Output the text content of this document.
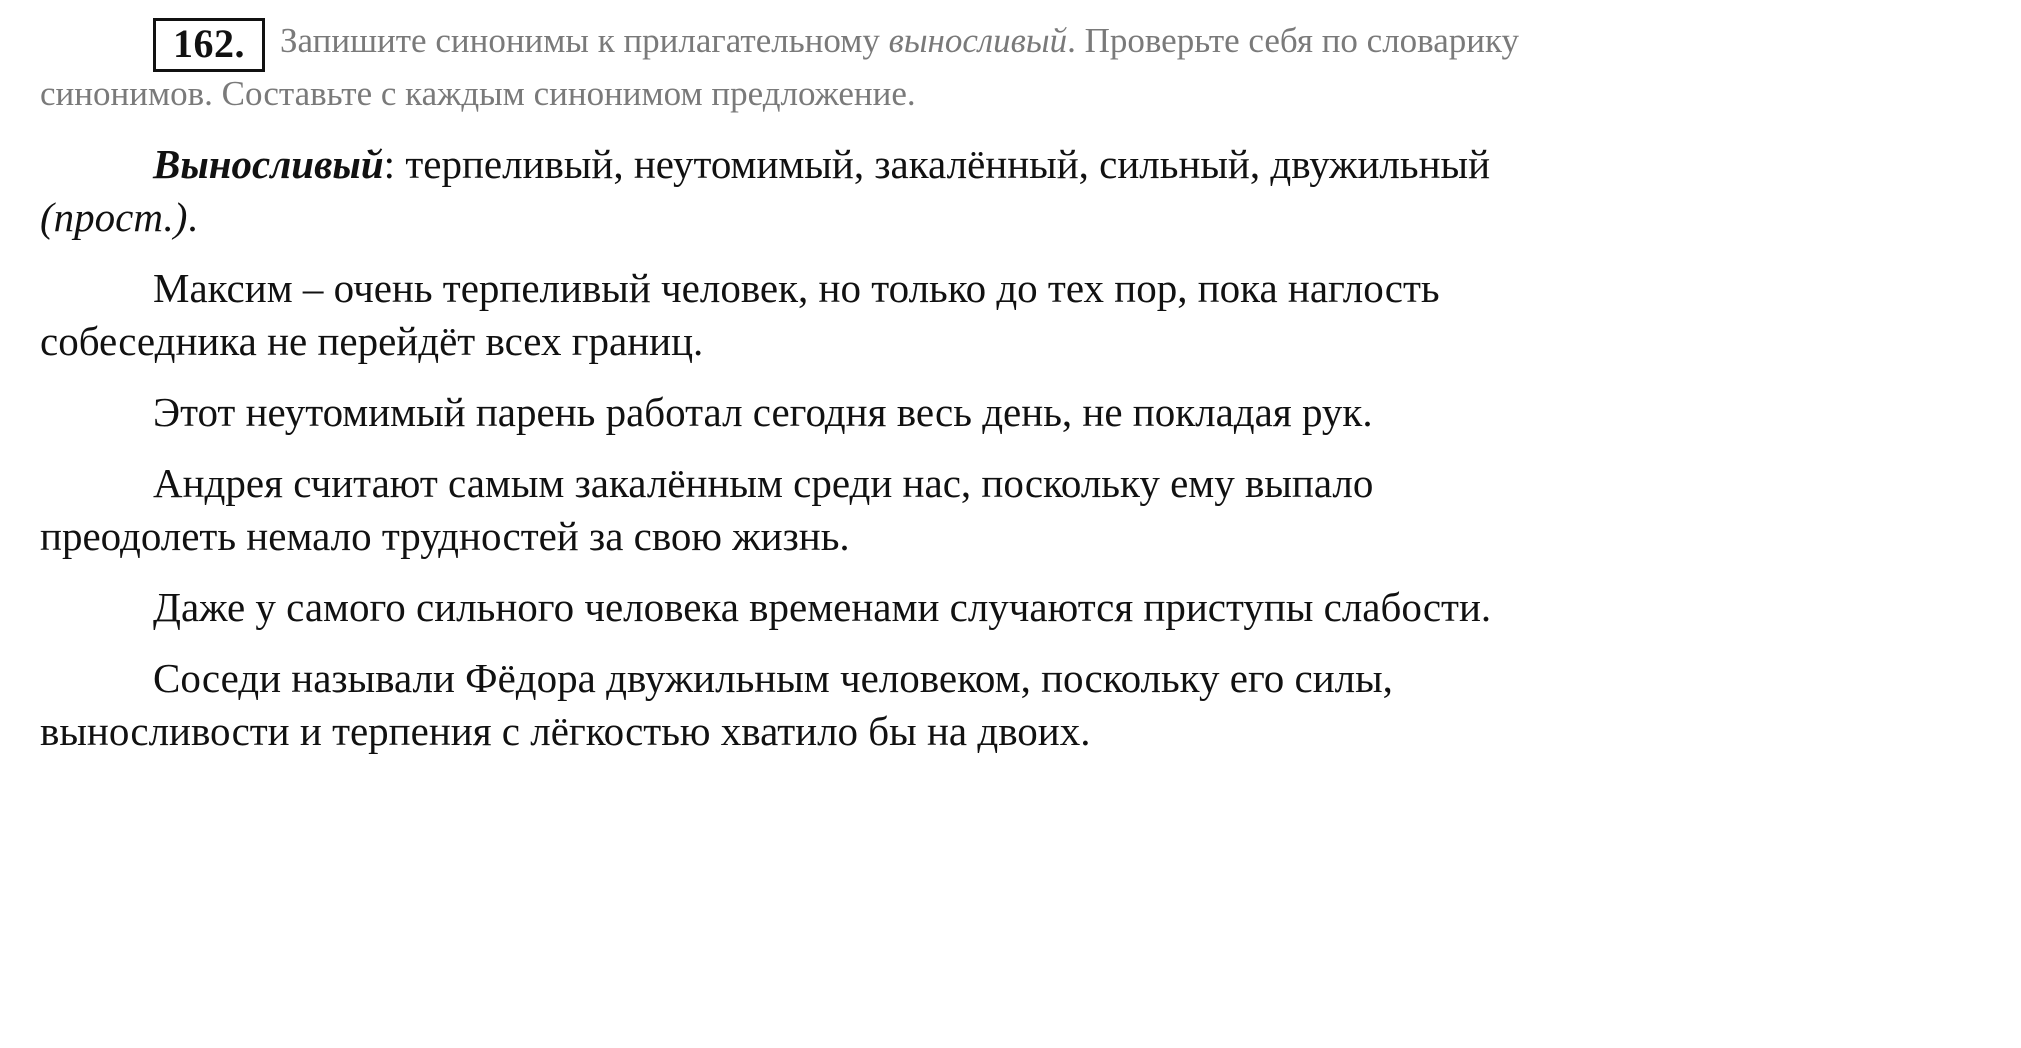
162.	Запишите синонимы к прилагательному выносливый. Проверьте себя по словарику синонимов. Составьте с каждым синонимом предложение.

Выносливый: терпеливый, неутомимый, закалённый, сильный, двужильный (прост.).

Максим – очень терпеливый человек, но только до тех пор, пока наглость собеседника не перейдёт всех границ.

Этот неутомимый парень работал сегодня весь день, не покладая рук.

Андрея считают самым закалённым среди нас, поскольку ему выпало преодолеть немало трудностей за свою жизнь.

Даже у самого сильного человека временами случаются приступы слабости.

Соседи называли Фёдора двужильным человеком, поскольку его силы, выносливости и терпения с лёгкостью хватило бы на двоих.
